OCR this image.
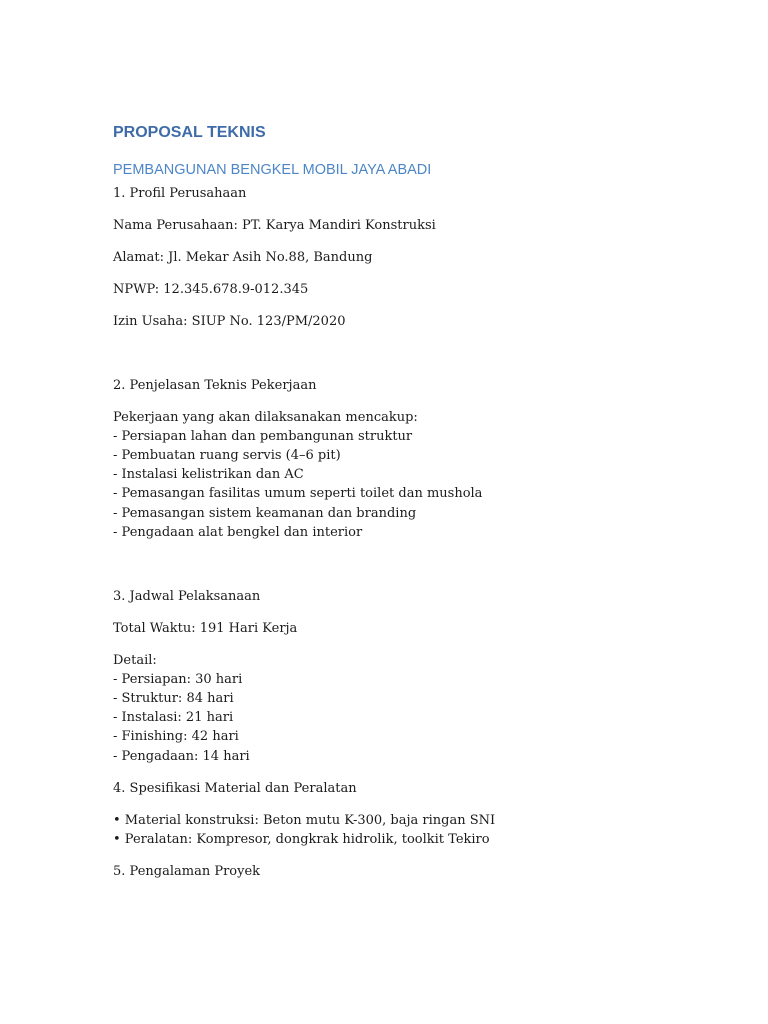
PROPOSAL TEKNIS
PEMBANGUNAN BENGKEL MOBIL JAYA ABADI
1. Profil Perusahaan
Nama Perusahaan: PT. Karya Mandiri Konstruksi
Alamat: Jl. Mekar Asih No.88, Bandung
NPWP: 12.345.678.9-012.345
Izin Usaha: SIUP No. 123/PM/2020
2. Penjelasan Teknis Pekerjaan
Pekerjaan yang akan dilaksanakan mencakup:
- Persiapan lahan dan pembangunan struktur
- Pembuatan ruang servis (4–6 pit)
- Instalasi kelistrikan dan AC
- Pemasangan fasilitas umum seperti toilet dan mushola
- Pemasangan sistem keamanan dan branding
- Pengadaan alat bengkel dan interior
3. Jadwal Pelaksanaan
Total Waktu: 191 Hari Kerja
Detail:
- Persiapan: 30 hari
- Struktur: 84 hari
- Instalasi: 21 hari
- Finishing: 42 hari
- Pengadaan: 14 hari
4. Spesifikasi Material dan Peralatan
• Material konstruksi: Beton mutu K-300, baja ringan SNI
• Peralatan: Kompresor, dongkrak hidrolik, toolkit Tekiro
5. Pengalaman Proyek
